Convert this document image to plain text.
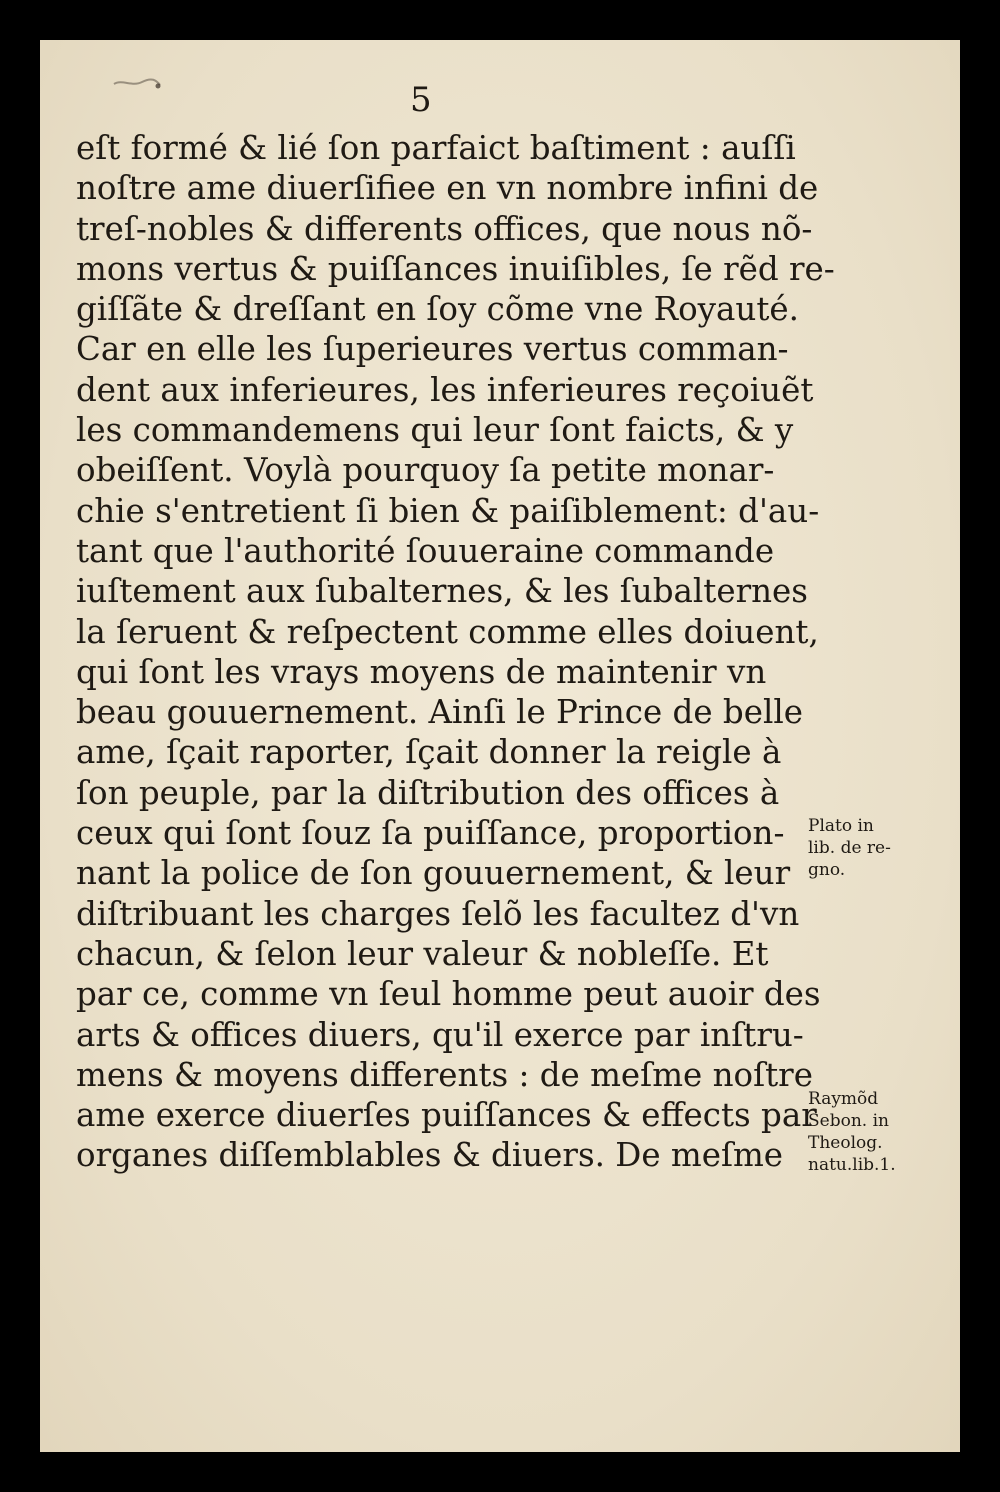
5
eſt formé & lié ſon parfaict baſtiment : auſſi
noſtre ame diuerſifiee en vn nombre infini de
treſ-nobles & differents offices, que nous nõ-
mons vertus & puiſſances inuiſibles, ſe rẽd re-
giſſãte & dreſſant en ſoy cõme vne Royauté.
Car en elle les ſuperieures vertus comman-
dent aux inferieures, les inferieures reçoiuẽt
les commandemens qui leur ſont faicts, & y
obeiſſent. Voylà pourquoy ſa petite monar-
chie s'entretient ſi bien & paiſiblement: d'au-
tant que l'authorité ſouueraine commande
iuſtement aux ſubalternes, & les ſubalternes
la ſeruent & reſpectent comme elles doiuent,
qui ſont les vrays moyens de maintenir vn
beau gouuernement. Ainſi le Prince de belle
ame, ſçait raporter, ſçait donner la reigle à
ſon peuple, par la diſtribution des offices à
ceux qui ſont ſouz ſa puiſſance, proportion-
nant la police de ſon gouuernement, & leur
diſtribuant les charges ſelõ les facultez d'vn
chacun, & ſelon leur valeur & nobleſſe. Et
par ce, comme vn ſeul homme peut auoir des
arts & offices diuers, qu'il exerce par inſtru-
mens & moyens differents : de meſme noſtre
ame exerce diuerſes puiſſances & effects par
organes diſſemblables & diuers. De meſme
Plato in
lib. de re-
gno.
Raymõd
Sebon. in
Theolog.
natu.lib.1.
